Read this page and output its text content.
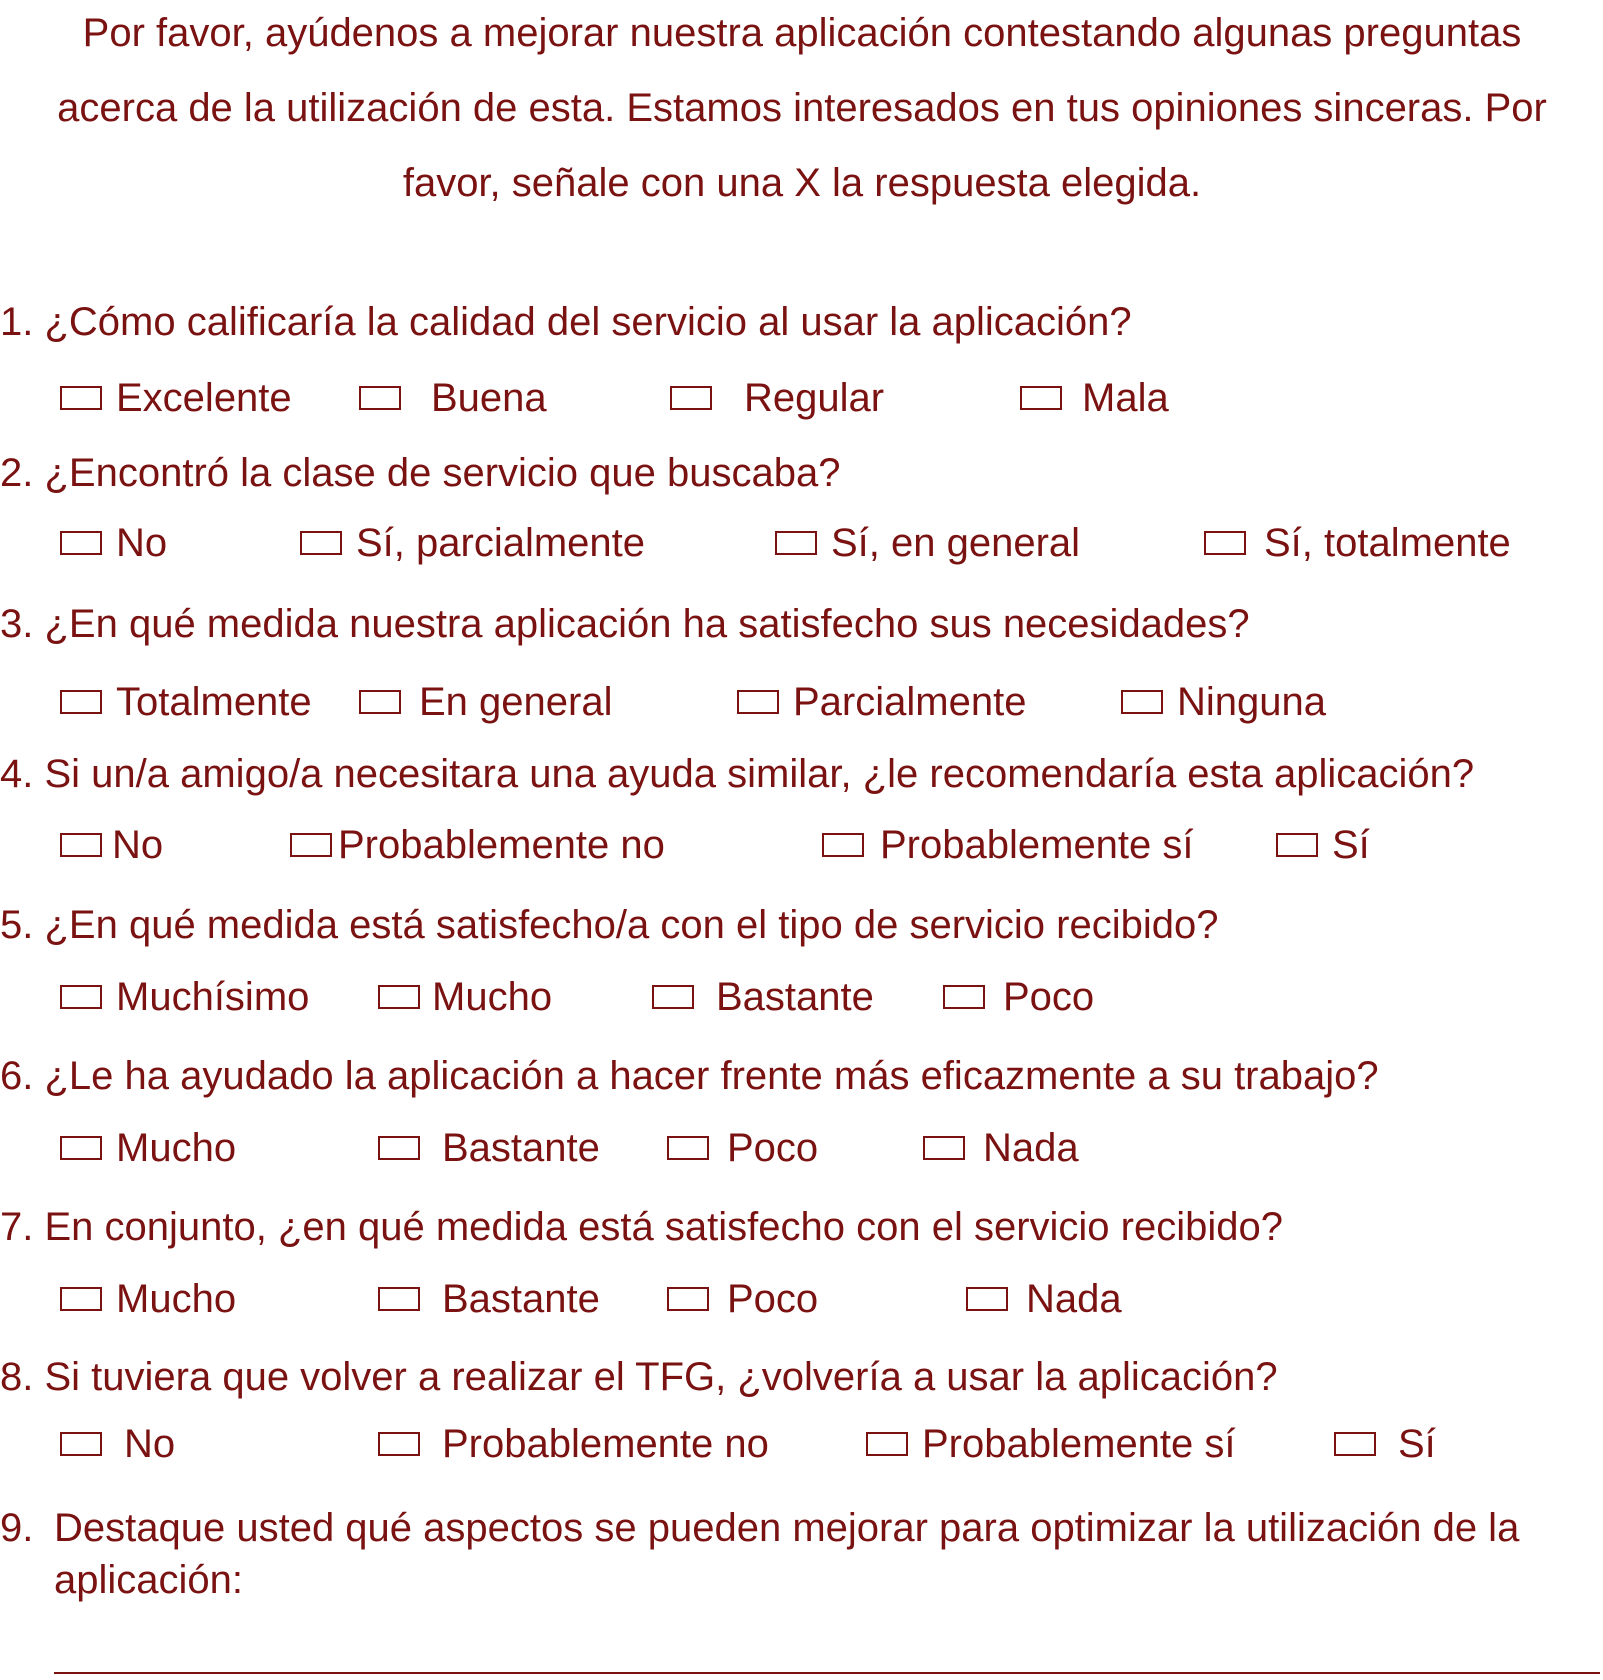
Por favor, ayúdenos a mejorar nuestra aplicación contestando algunas preguntas acerca de la utilización de esta. Estamos interesados en tus opiniones sinceras. Por favor, señale con una X la respuesta elegida.
1. ¿Cómo calificaría la calidad del servicio al usar la aplicación?
Excelente	Buena	Regular	Mala
2. ¿Encontró la clase de servicio que buscaba?
No	Sí, parcialmente	Sí, en general	Sí, totalmente
3. ¿En qué medida nuestra aplicación ha satisfecho sus necesidades?
Totalmente	En general	Parcialmente	Ninguna
4. Si un/a amigo/a necesitara una ayuda similar, ¿le recomendaría esta aplicación?
No	Probablemente no	Probablemente sí	Sí
5. ¿En qué medida está satisfecho/a con el tipo de servicio recibido?
Muchísimo	Mucho	Bastante	Poco
6. ¿Le ha ayudado la aplicación a hacer frente más eficazmente a su trabajo?
Mucho	Bastante	Poco	Nada
7. En conjunto, ¿en qué medida está satisfecho con el servicio recibido?
Mucho	Bastante	Poco	Nada
8. Si tuviera que volver a realizar el TFG, ¿volvería a usar la aplicación?
No	Probablemente no	Probablemente sí	Sí
9. Destaque usted qué aspectos se pueden mejorar para optimizar la utilización de la aplicación:
